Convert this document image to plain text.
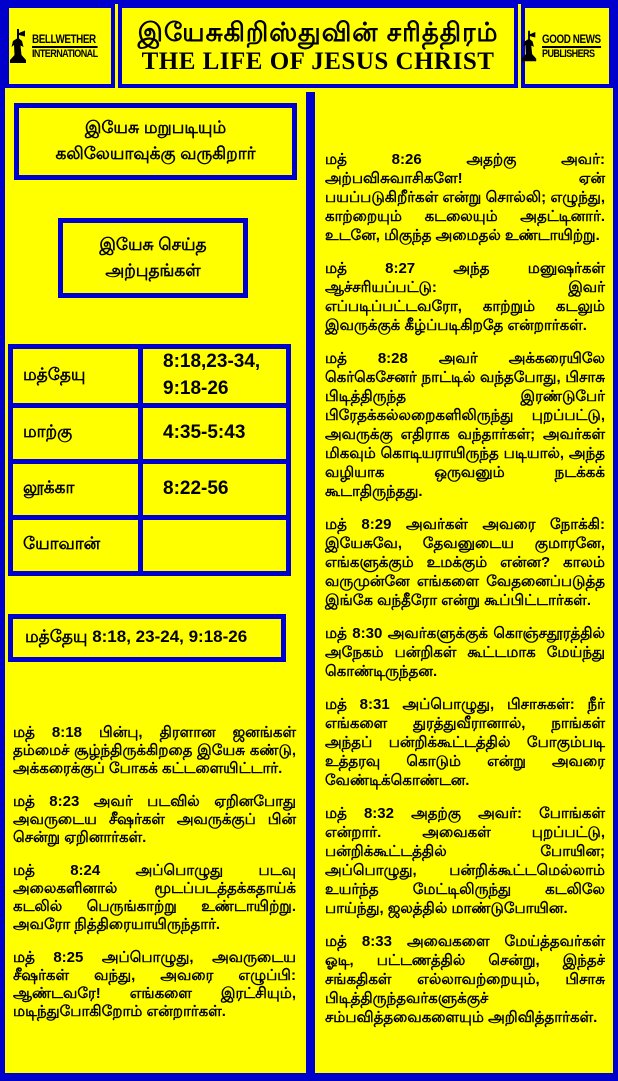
BELLWETHER
INTERNATIONAL
இயேசுகிறிஸ்துவின் சரித்திரம்
THE LIFE OF JESUS CHRIST
GOOD NEWS
PUBLISHERS
இயேசு மறுபடியும்
கலிலேயாவுக்கு வருகிறார்
இயேசு செய்த
அற்புதங்கள்
மத்தேயு	8:18,23-34, 9:18-26
மாற்கு	4:35-5:43
லூக்கா	8:22-56
யோவான்	
மத்தேயு 8:18, 23-24, 9:18-26

மத் 8:18 பின்பு, திரளான ஜனங்கள் தம்மைச் சூழ்ந்திருக்கிறதை இயேசு கண்டு, அக்கரைக்குப் போகக் கட்டளையிட்டார்.

மத் 8:23 அவர் படவில் ஏறினபோது அவருடைய சீஷர்கள் அவருக்குப் பின் சென்று ஏறினார்கள்.

மத் 8:24 அப்பொழுது படவு அலைகளினால் மூடப்படத்தக்கதாய்க் கடலில் பெருங்காற்று உண்டாயிற்று. அவரோ நித்திரையாயிருந்தார்.

மத் 8:25 அப்பொழுது, அவருடைய சீஷர்கள் வந்து, அவரை எழுப்பி: ஆண்டவரே! எங்களை இரட்சியும், மடிந்துபோகிறோம் என்றார்கள்.

மத் 8:26 அதற்கு அவர்: அற்பவிசுவாசிகளே! ஏன் பயப்படுகிறீர்கள் என்று சொல்லி; எழுந்து, காற்றையும் கடலையும் அதட்டினார். உடனே, மிகுந்த அமைதல் உண்டாயிற்று.

மத் 8:27 அந்த மனுஷர்கள் ஆச்சரியப்பட்டு: இவர் எப்படிப்பட்டவரோ, காற்றும் கடலும் இவருக்குக் கீழ்ப்படிகிறதே என்றார்கள்.

மத் 8:28 அவர் அக்கரையிலே கெர்கெசேனர் நாட்டில் வந்தபோது, பிசாசு பிடித்திருந்த இரண்டுபேர் பிரேதக்கல்லறைகளிலிருந்து புறப்பட்டு, அவருக்கு எதிராக வந்தார்கள்; அவர்கள் மிகவும் கொடியராயிருந்த படியால், அந்த வழியாக ஒருவனும் நடக்கக் கூடாதிருந்தது.

மத் 8:29 அவர்கள் அவரை நோக்கி: இயேசுவே, தேவனுடைய குமாரனே, எங்களுக்கும் உமக்கும் என்ன? காலம் வருமுன்னே எங்களை வேதனைப்படுத்த இங்கே வந்தீரோ என்று கூப்பிட்டார்கள்.

மத் 8:30 அவர்களுக்குக் கொஞ்சதூரத்தில் அநேகம் பன்றிகள் கூட்டமாக மேய்ந்து கொண்டிருந்தன.

மத் 8:31 அப்பொழுது, பிசாசுகள்: நீர் எங்களை துரத்துவீரானால், நாங்கள் அந்தப் பன்றிக்கூட்டத்தில் போகும்படி உத்தரவு கொடும் என்று அவரை வேண்டிக்கொண்டன.

மத் 8:32 அதற்கு அவர்: போங்கள் என்றார். அவைகள் புறப்பட்டு, பன்றிக்கூட்டத்தில் போயின; அப்பொழுது, பன்றிக்கூட்டமெல்லாம் உயர்ந்த மேட்டிலிருந்து கடலிலே பாய்ந்து, ஜலத்தில் மாண்டுபோயின.

மத் 8:33 அவைகளை மேய்த்தவர்கள் ஓடி, பட்டணத்தில் சென்று, இந்தச் சங்கதிகள் எல்லாவற்றையும், பிசாசு பிடித்திருந்தவர்களுக்குச் சம்பவித்தவைகளையும் அறிவித்தார்கள்.
